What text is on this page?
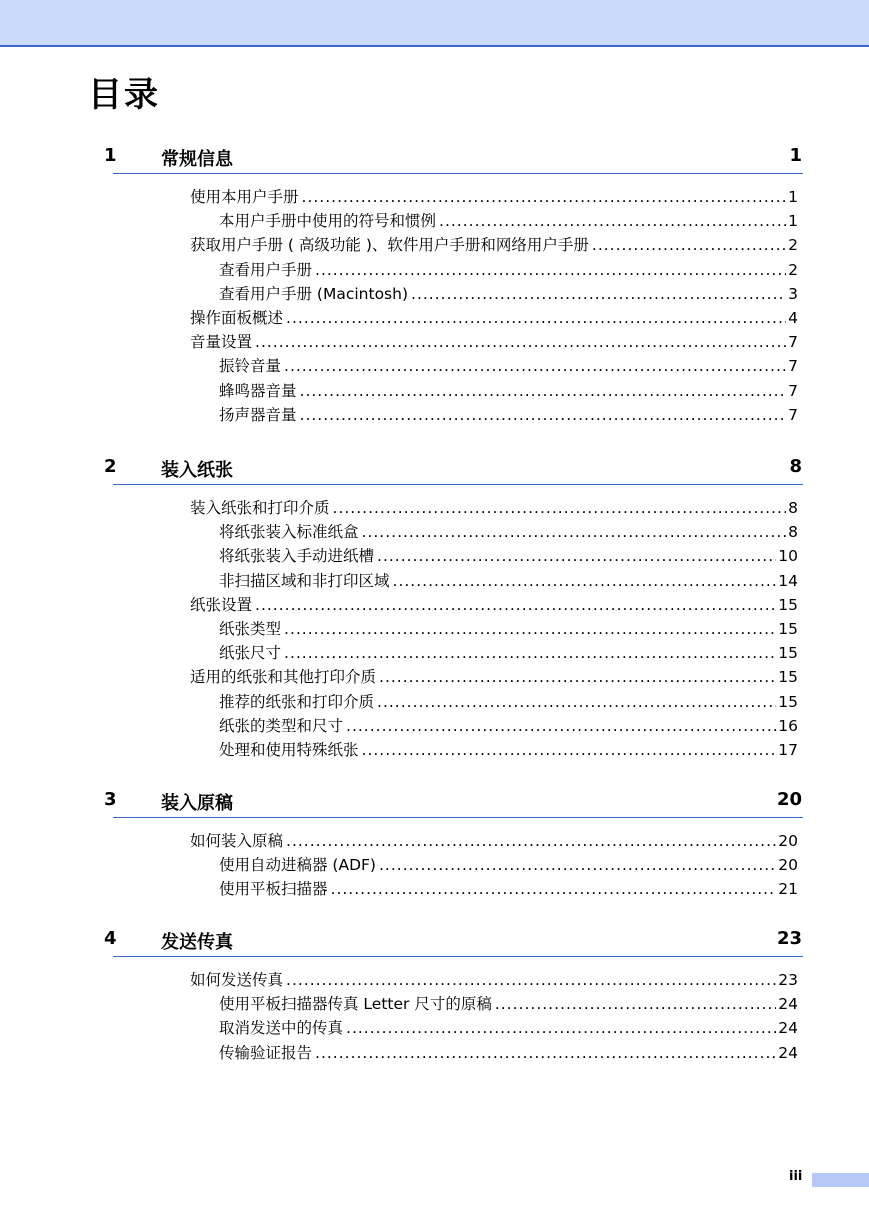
目录
1 常规信息	1
使用本用户手册 .....	1
本用户手册中使用的符号和惯例 .....	1
获取用户手册 ( 高级功能 )、软件用户手册和网络用户手册 .....	2
查看用户手册 .....	2
查看用户手册 (Macintosh) .....	3
操作面板概述 .....	4
音量设置 .....	7
振铃音量 .....	7
蜂鸣器音量 .....	7
扬声器音量 .....	7
2 装入纸张	8
装入纸张和打印介质 .....	8
将纸张装入标准纸盒 .....	8
将纸张装入手动进纸槽 .....	10
非扫描区域和非打印区域 .....	14
纸张设置 .....	15
纸张类型 .....	15
纸张尺寸 .....	15
适用的纸张和其他打印介质 .....	15
推荐的纸张和打印介质 .....	15
纸张的类型和尺寸 .....	16
处理和使用特殊纸张 .....	17
3 装入原稿	20
如何装入原稿 .....	20
使用自动进稿器 (ADF) .....	20
使用平板扫描器 .....	21
4 发送传真	23
如何发送传真 .....	23
使用平板扫描器传真 Letter 尺寸的原稿 .....	24
取消发送中的传真 .....	24
传输验证报告 .....	24
iii
